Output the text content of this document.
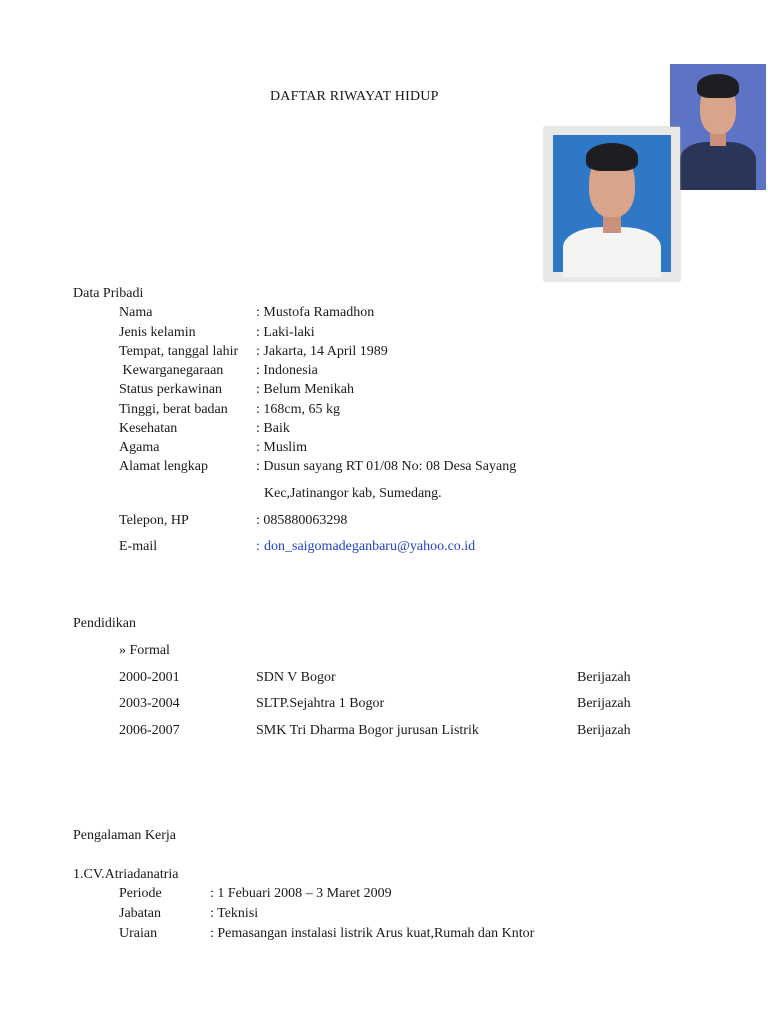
DAFTAR RIWAYAT HIDUP
Data Pribadi
Nama	: Mustofa Ramadhon
Jenis kelamin	: Laki-laki
Tempat, tanggal lahir : Jakarta, 14 April 1989
Kewarganegaraan : Indonesia
Status perkawinan : Belum Menikah
Tinggi, berat badan : 168cm, 65 kg
Kesehatan	: Baik
Agama	: Muslim
Alamat lengkap	: Dusun sayang RT 01/08 No: 08 Desa Sayang
Kec,Jatinangor kab, Sumedang.
Telepon, HP	: 085880063298
E-mail	: don_saigomadeganbaru@yahoo.co.id
Pendidikan
» Formal
2000-2001	SDN V Bogor	Berijazah
2003-2004	SLTP.Sejahtra 1 Bogor	Berijazah
2006-2007	SMK Tri Dharma Bogor jurusan Listrik	Berijazah
Pengalaman Kerja
1.CV.Atriadanatria
Periode	: 1 Febuari 2008 – 3 Maret 2009
Jabatan	: Teknisi
Uraian	: Pemasangan instalasi listrik Arus kuat,Rumah dan Kntor
